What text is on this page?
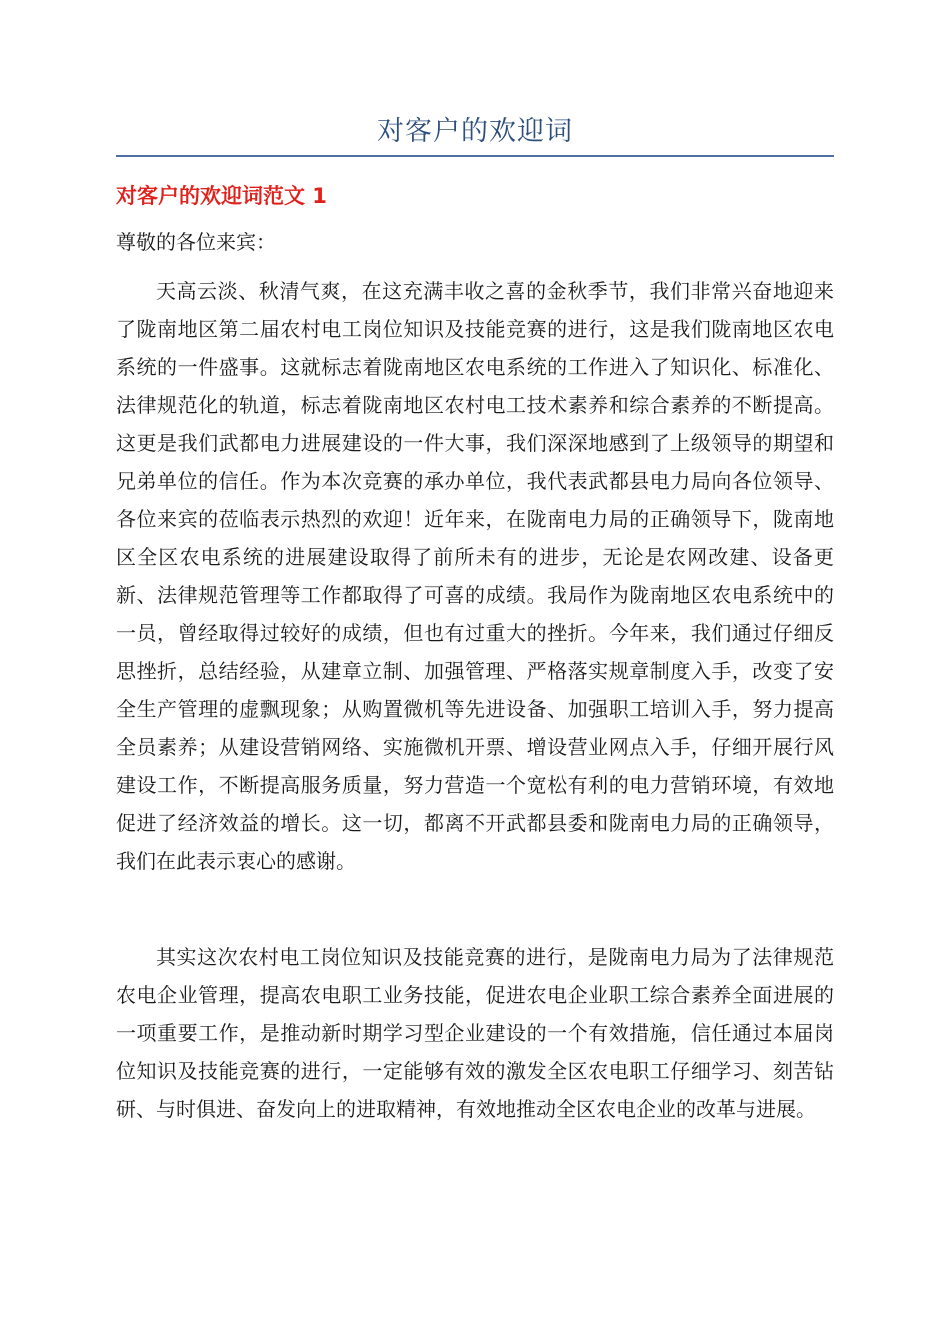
对客户的欢迎词
对客户的欢迎词范文 1
尊敬的各位来宾：

天高云淡、秋清气爽，在这充满丰收之喜的金秋季节，我们非常兴奋地迎来了陇南地区第二届农村电工岗位知识及技能竞赛的进行，这是我们陇南地区农电系统的一件盛事。这就标志着陇南地区农电系统的工作进入了知识化、标准化、法律规范化的轨道，标志着陇南地区农村电工技术素养和综合素养的不断提高。这更是我们武都电力进展建设的一件大事，我们深深地感到了上级领导的期望和兄弟单位的信任。作为本次竞赛的承办单位，我代表武都县电力局向各位领导、各位来宾的莅临表示热烈的欢迎！近年来，在陇南电力局的正确领导下，陇南地区全区农电系统的进展建设取得了前所未有的进步，无论是农网改建、设备更新、法律规范管理等工作都取得了可喜的成绩。我局作为陇南地区农电系统中的一员，曾经取得过较好的成绩，但也有过重大的挫折。今年来，我们通过仔细反思挫折，总结经验，从建章立制、加强管理、严格落实规章制度入手，改变了安全生产管理的虚飘现象；从购置微机等先进设备、加强职工培训入手，努力提高全员素养；从建设营销网络、实施微机开票、增设营业网点入手，仔细开展行风建设工作，不断提高服务质量，努力营造一个宽松有利的电力营销环境，有效地促进了经济效益的增长。这一切，都离不开武都县委和陇南电力局的正确领导，我们在此表示衷心的感谢。

其实这次农村电工岗位知识及技能竞赛的进行，是陇南电力局为了法律规范农电企业管理，提高农电职工业务技能，促进农电企业职工综合素养全面进展的一项重要工作，是推动新时期学习型企业建设的一个有效措施，信任通过本届岗位知识及技能竞赛的进行，一定能够有效的激发全区农电职工仔细学习、刻苦钻研、与时俱进、奋发向上的进取精神，有效地推动全区农电企业的改革与进展。
